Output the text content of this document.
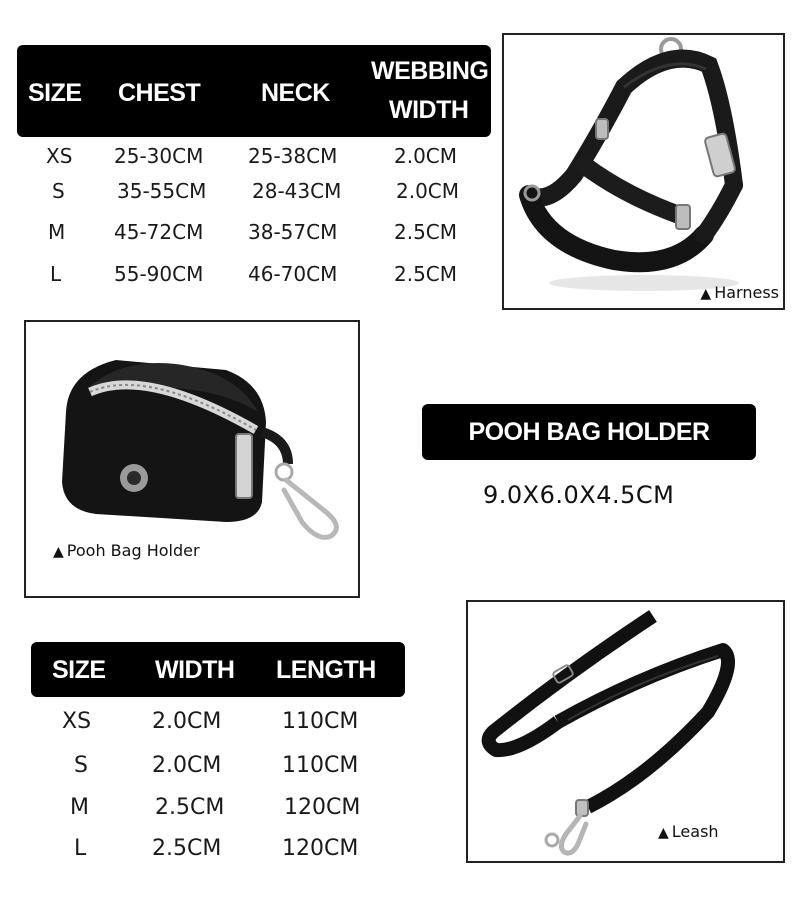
SIZE CHEST NECK
WEBBING
WIDTH
XS 25-30CM 25-38CM	2.0CM
S	35-55CM 28-43CM	2.0CM
M 45-72CM 38-57CM	2.5CM
L	55-90CM 46-70CM	2.5CM
▲ Harness
▲ Pooh Bag Holder
POOH BAG HOLDER
9.0X6.0X4.5CM
SIZE WIDTH LENGTH
XS	2.0CM	110CM
S	2.0CM	110CM
M	2.5CM	120CM
L	2.5CM	120CM
▲ Leash
